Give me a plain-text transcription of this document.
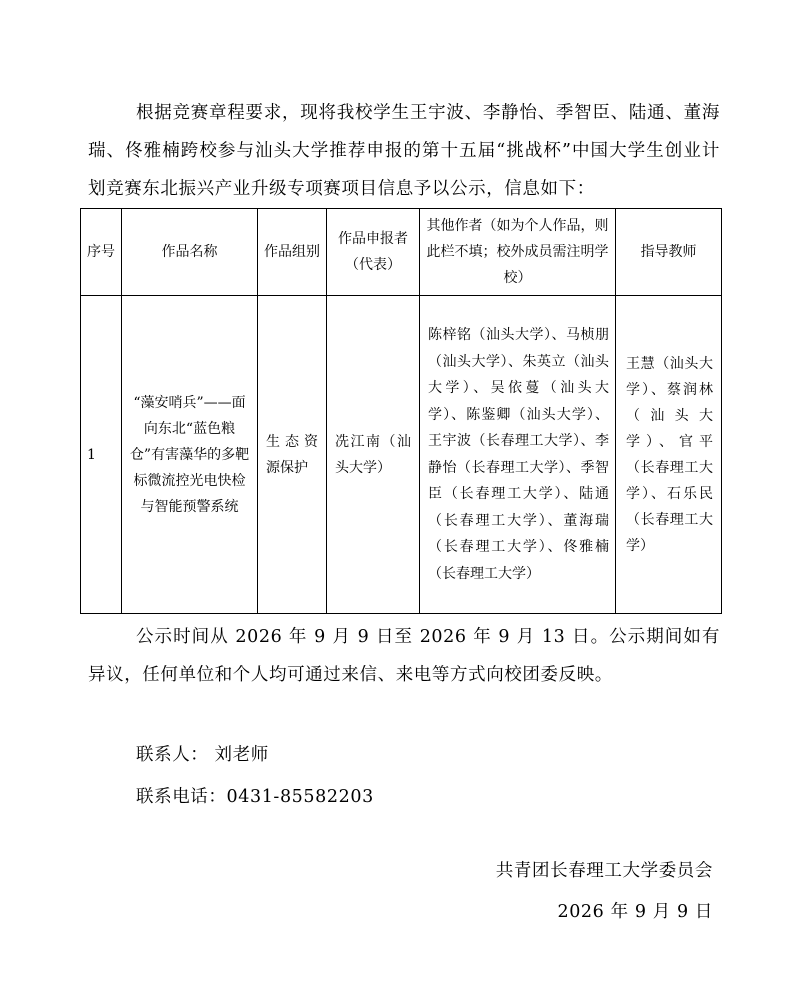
根据竞赛章程要求，现将我校学生王宇波、李静怡、季智臣、陆通、董海瑞、佟雅楠跨校参与汕头大学推荐申报的第十五届“挑战杯”中国大学生创业计划竞赛东北振兴产业升级专项赛项目信息予以公示，信息如下：

序号	作品名称	作品组别	作品申报者（代表）	其他作者（如为个人作品，则此栏不填；校外成员需注明学校）	指导教师
1	“藻安哨兵”——面向东北“蓝色粮仓”有害藻华的多靶标微流控光电快检与智能预警系统	生态资源保护	冼江南（汕头大学）	陈梓铭（汕头大学）、马桢朋（汕头大学）、朱英立（汕头大学）、吴依蔓（汕头大学）、陈鉴卿（汕头大学）、王宇波（长春理工大学）、李静怡（长春理工大学）、季智臣（长春理工大学）、陆通（长春理工大学）、董海瑞（长春理工大学）、佟雅楠（长春理工大学）	王慧（汕头大学）、蔡润林（汕头大学）、官平（长春理工大学）、石乐民（长春理工大学）

公示时间从 2026 年 9 月 9 日至 2026 年 9 月 13 日。公示期间如有异议，任何单位和个人均可通过来信、来电等方式向校团委反映。

联系人： 刘老师

联系电话：0431-85582203

共青团长春理工大学委员会

2026 年 9 月 9 日
